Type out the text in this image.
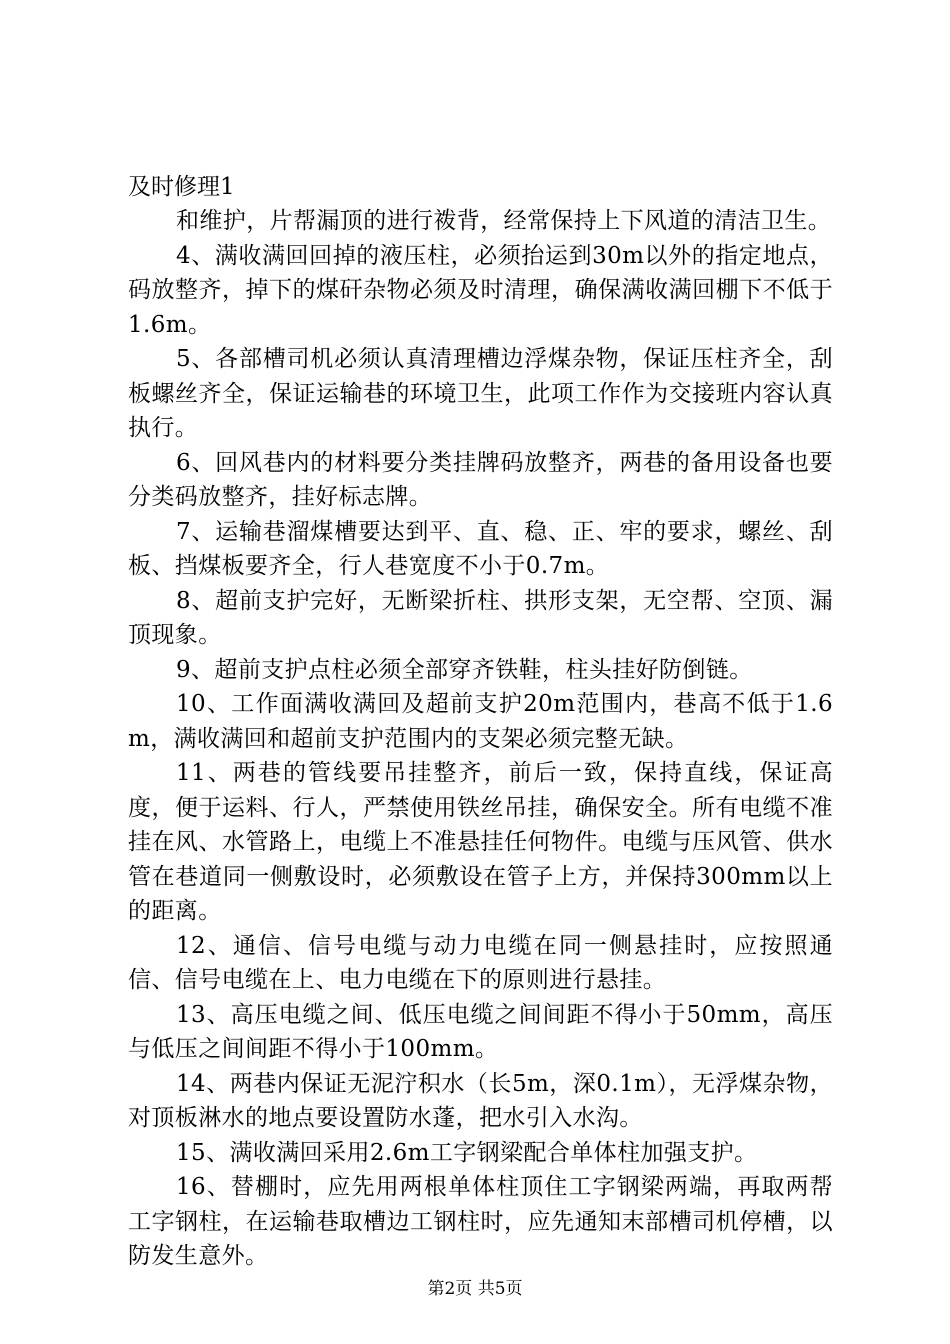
及时修理1

和维护，片帮漏顶的进行袯背，经常保持上下风道的清洁卫生。

4、满收满回回掉的液压柱，必须抬运到30m以外的指定地点，码放整齐，掉下的煤矸杂物必须及时清理，确保满收满回棚下不低于1.6m。

5、各部槽司机必须认真清理槽边浮煤杂物，保证压柱齐全，刮板螺丝齐全，保证运输巷的环境卫生，此项工作作为交接班内容认真执行。

6、回风巷内的材料要分类挂牌码放整齐，两巷的备用设备也要分类码放整齐，挂好标志牌。

7、运输巷溜煤槽要达到平、直、稳、正、牢的要求，螺丝、刮板、挡煤板要齐全，行人巷宽度不小于0.7m。

8、超前支护完好，无断梁折柱、拱形支架，无空帮、空顶、漏顶现象。

9、超前支护点柱必须全部穿齐铁鞋，柱头挂好防倒链。

10、工作面满收满回及超前支护20m范围内，巷高不低于1.6m，满收满回和超前支护范围内的支架必须完整无缺。

11、两巷的管线要吊挂整齐，前后一致，保持直线，保证高度，便于运料、行人，严禁使用铁丝吊挂，确保安全。所有电缆不准挂在风、水管路上，电缆上不准悬挂任何物件。电缆与压风管、供水管在巷道同一侧敷设时，必须敷设在管子上方，并保持300mm以上的距离。

12、通信、信号电缆与动力电缆在同一侧悬挂时，应按照通信、信号电缆在上、电力电缆在下的原则进行悬挂。

13、高压电缆之间、低压电缆之间间距不得小于50mm，高压与低压之间间距不得小于100mm。

14、两巷内保证无泥泞积水（长5m，深0.1m），无浮煤杂物，对顶板淋水的地点要设置防水蓬，把水引入水沟。

15、满收满回采用2.6m工字钢梁配合单体柱加强支护。

16、替棚时，应先用两根单体柱顶住工字钢梁两端，再取两帮工字钢柱，在运输巷取槽边工钢柱时，应先通知末部槽司机停槽，以防发生意外。

第2页 共5页
